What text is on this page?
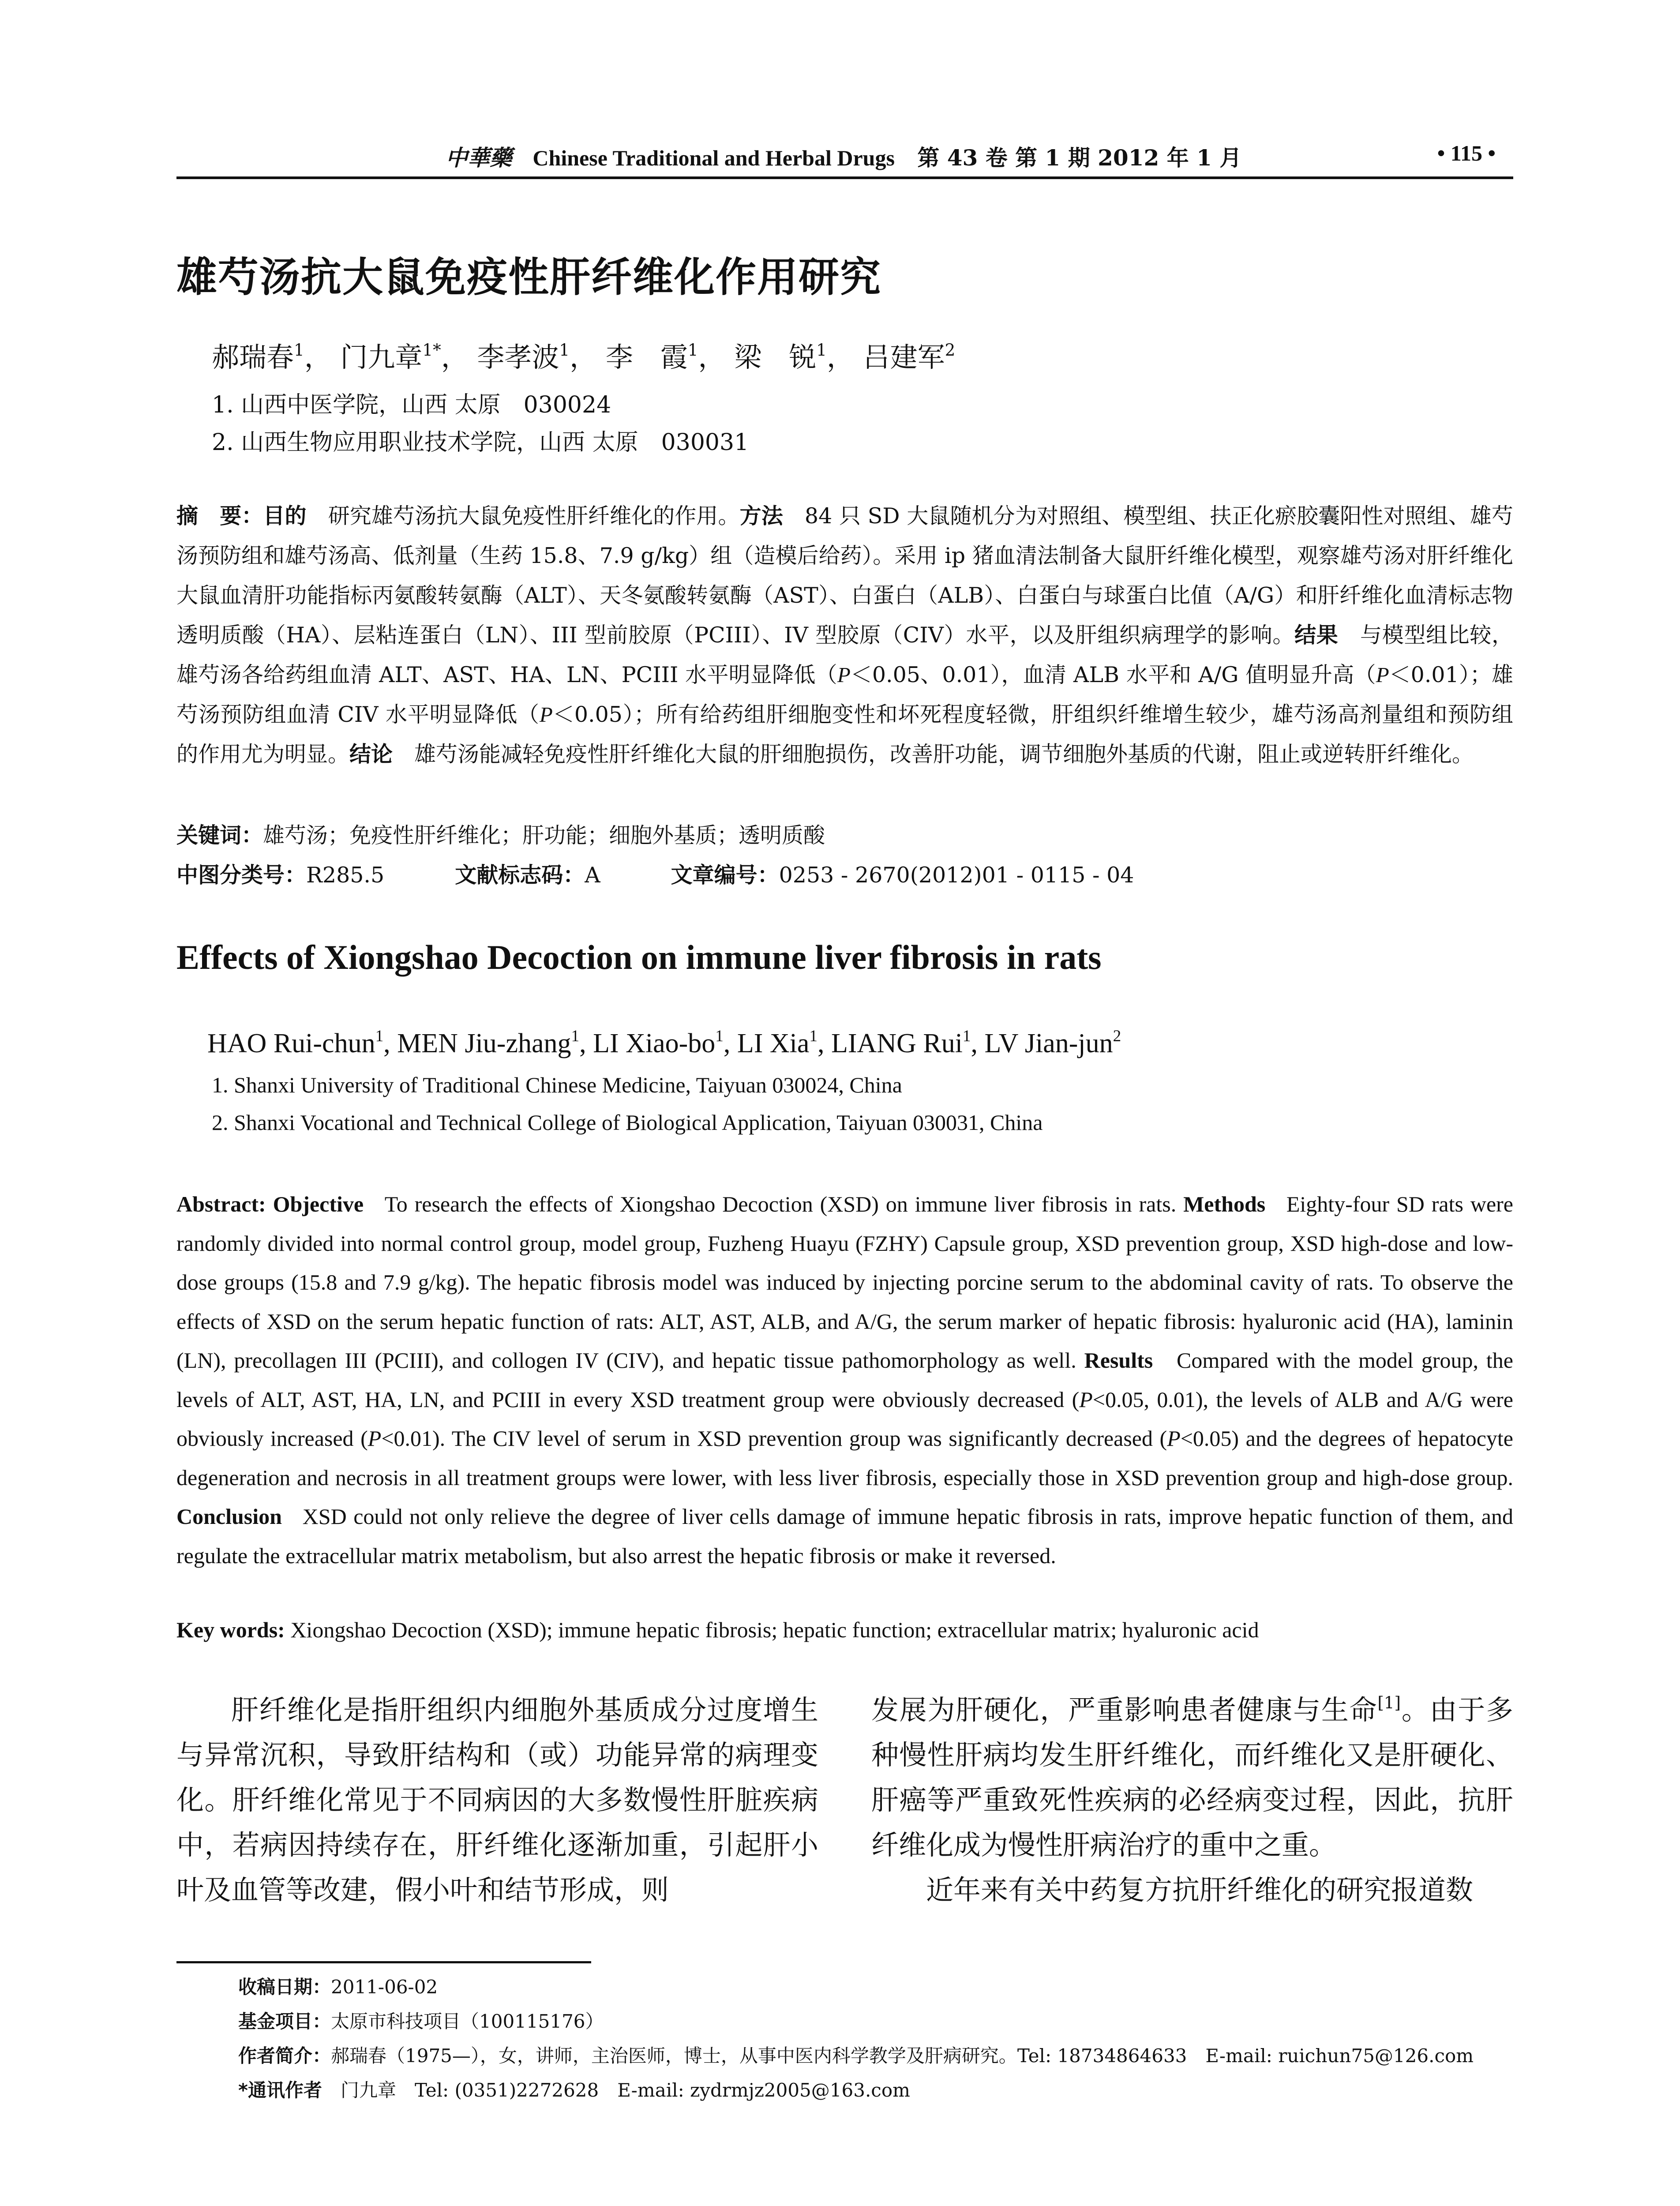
中華藥 Chinese Traditional and Herbal Drugs 第 43 卷 第 1 期 2012 年 1 月	• 115 •
雄芍汤抗大鼠免疫性肝纤维化作用研究
郝瑞春$^1$， 门九章$^{1*}$， 李孝波$^1$， 李　霞$^1$， 梁　锐$^1$， 吕建军$^2$
1. 山西中医学院，山西 太原　030024
2. 山西生物应用职业技术学院，山西 太原　030031
摘　要：目的　 研究雄芍汤抗大鼠免疫性肝纤维化的作用。方法　 84 只 SD 大鼠随机分为对照组、模型组、扶正化瘀胶囊阳性对照组、雄芍汤预防组和雄芍汤高、低剂量（生药 15.8、7.9 g/kg）组（造模后给药）。采用 ip 猪血清法制备大鼠肝纤维化模型，观察雄芍汤对肝纤维化大鼠血清肝功能指标丙氨酸转氨酶（ALT）、天冬氨酸转氨酶（AST）、白蛋白（ALB）、白蛋白与球蛋白比值（A/G）和肝纤维化血清标志物透明质酸（HA）、层粘连蛋白（LN）、III 型前胶原（PCIII）、IV 型胶原（CIV）水平，以及肝组织病理学的影响。结果　 与模型组比较，雄芍汤各给药组血清 ALT、AST、HA、LN、PCIII 水平明显降低（P＜0.05、0.01），血清 ALB 水平和 A/G 值明显升高（P＜0.01）；雄芍汤预防组血清 CIV 水平明显降低（P＜0.05）；所有给药组肝细胞变性和坏死程度轻微，肝组织纤维增生较少，雄芍汤高剂量组和预防组的作用尤为明显。结论　 雄芍汤能减轻免疫性肝纤维化大鼠的肝细胞损伤，改善肝功能，调节细胞外基质的代谢，阻止或逆转肝纤维化。
关键词：雄芍汤；免疫性肝纤维化；肝功能；细胞外基质；透明质酸
中图分类号：R285.5	文献标志码：A	文章编号：0253 - 2670(2012)01 - 0115 - 04
Effects of Xiongshao Decoction on immune liver fibrosis in rats
HAO Rui-chun$^1$, MEN Jiu-zhang$^1$, LI Xiao-$bo^1$, LI Xia$^1$, LIANG Rui$^1$, LV Jian-jun$^2$
1. Shanxi University of Traditional Chinese Medicine, Taiyuan 030024, China
2. Shanxi Vocational and Technical College of Biological Application, Taiyuan 030031, China
Abstract: Objective To research the effects of Xiongshao Decoction (XSD) on immune liver fibrosis in rats. Methods Eighty-four SD rats were randomly divided into normal control group, model group, Fuzheng Huayu (FZHY) Capsule group, XSD prevention group, XSD high-dose and low-dose groups (15.8 and 7.9 g/kg). The hepatic fibrosis model was induced by injecting porcine serum to the abdominal cavity of rats. To observe the effects of XSD on the serum hepatic function of rats: ALT, AST, ALB, and A/G, the serum marker of hepatic fibrosis: hyaluronic acid (HA), laminin (LN), precollagen III (PCIII), and collogen IV (CIV), and hepatic tissue pathomorphology as well. Results Compared with the model group, the levels of ALT, AST, HA, LN, and PCIII in every XSD treatment group were obviously decreased (P<0.05, 0.01), the levels of ALB and A/G were obviously increased (P<0.01). The CIV level of serum in XSD prevention group was significantly decreased (P<0.05) and the degrees of hepatocyte degeneration and necrosis in all treatment groups were lower, with less liver fibrosis, especially those in XSD prevention group and high-dose group. Conclusion XSD could not only relieve the degree of liver cells damage of immune hepatic fibrosis in rats, improve hepatic function of them, and regulate the extracellular matrix metabolism, but also arrest the hepatic fibrosis or make it reversed.
Key words: Xiongshao Decoction (XSD); immune hepatic fibrosis; hepatic function; extracellular matrix; hyaluronic acid

肝纤维化是指肝组织内细胞外基质成分过度增生与异常沉积，导致肝结构和（或）功能异常的病理变化。肝纤维化常见于不同病因的大多数慢性肝脏疾病中，若病因持续存在，肝纤维化逐渐加重，引起肝小叶及血管等改建，假小叶和结节形成，则

发展为肝硬化，严重影响患者健康与生命[1]。由于多种慢性肝病均发生肝纤维化，而纤维化又是肝硬化、肝癌等严重致死性疾病的必经病变过程，因此，抗肝纤维化成为慢性肝病治疗的重中之重。

近年来有关中药复方抗肝纤维化的研究报道数

收稿日期：2011-06-02
基金项目：太原市科技项目（100115176）
作者简介：郝瑞春（1975—），女，讲师，主治医师，博士，从事中医内科学教学及肝病研究。Tel: 18734864633　E-mail: ruichun75@126.com
*通讯作者　 门九章　Tel: (0351)2272628　E-mail: zydrmjz2005@163.com
